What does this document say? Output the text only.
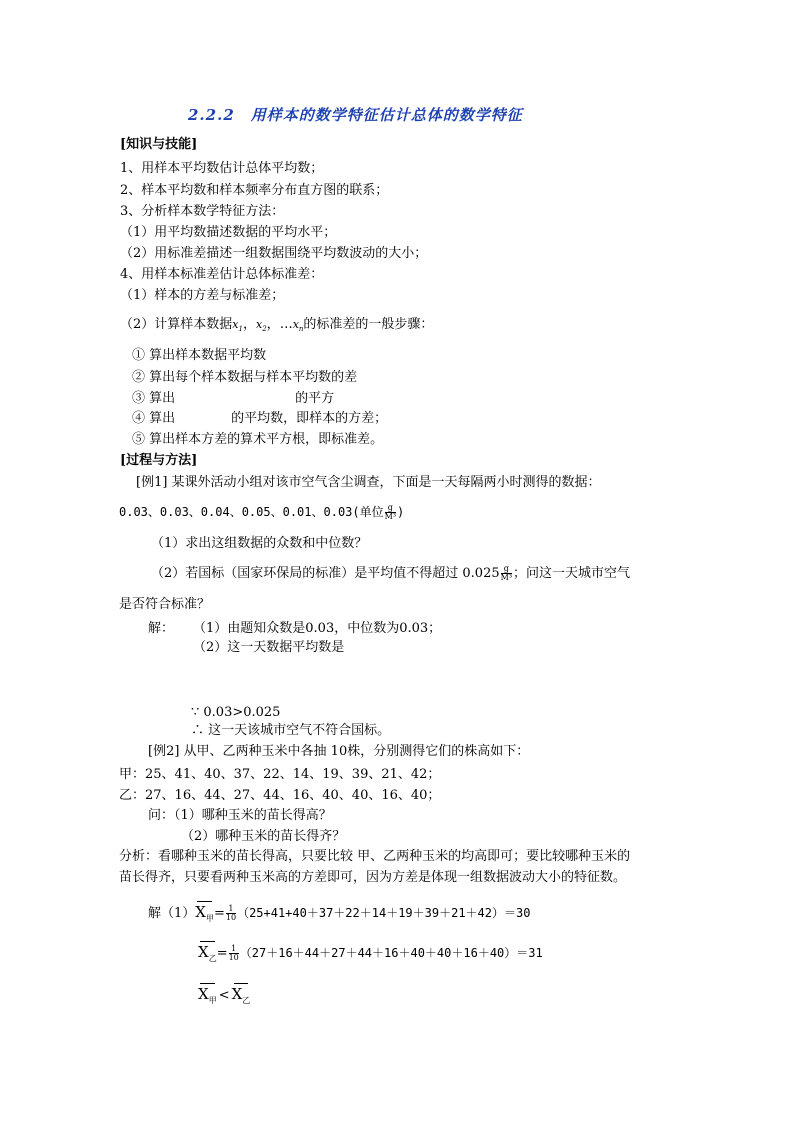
2.2.2　用样本的数学特征估计总体的数学特征
[知识与技能]
1、用样本平均数估计总体平均数；
2、样本平均数和样本频率分布直方图的联系；
3、分析样本数学特征方法：
（1）用平均数描述数据的平均水平；
（2）用标准差描述一组数据围绕平均数波动的大小；
4、用样本标准差估计总体标准差：
（1）样本的方差与标准差；
（2）计算样本数据$x_1$，$x_2$，$\dots x_n$的标准差的一般步骤：
① 算出样本数据平均数
② 算出每个样本数据与样本平均数的差
③ 算出	的平方
④ 算出	的平均数，即样本的方差；
⑤ 算出样本方差的算术平方根，即标准差。
[过程与方法]
[例1] 某课外活动小组对该市空气含尘调查，下面是一天每隔两小时测得的数据：
0.03、0.03、0.04、0.05、0.01、0.03(单位 $\frac{g}{\text{M³}}$ )
（1）求出这组数据的众数和中位数？
（2）若国标（国家环保局的标准）是平均值不得超过 $0.025 \frac{g}{\text{M³}}$ ；问这一天城市空气
是否符合标准？
解： （1）由题知众数是0.03，中位数为0.03；
（2）这一天数据平均数是
∵ 0.03>0.025
∴ 这一天该城市空气不符合国标。
[例2] 从甲、乙两种玉米中各抽 10株，分别测得它们的株高如下：
甲：25、41、40、37、22、14、19、39、21、42；
乙：27、16、44、27、44、16、40、40、16、40；
问：（1）哪种玉米的苗长得高？
（2）哪种玉米的苗长得齐？
分析：看哪种玉米的苗长得高，只要比较 甲、乙两种玉米的均高即可；要比较哪种玉米的
苗长得齐，只要看两种玉米高的方差即可，因为方差是体现一组数据波动大小的特征数。
解$(1)X_甲= \frac{1}{10} (25+41+40+37+22+14+19+39+21+42)=30$
$X_乙= \frac{1}{10} (27+16+44+27+44+16+40+40+16+40)=31$
$X_甲 < X_乙$
